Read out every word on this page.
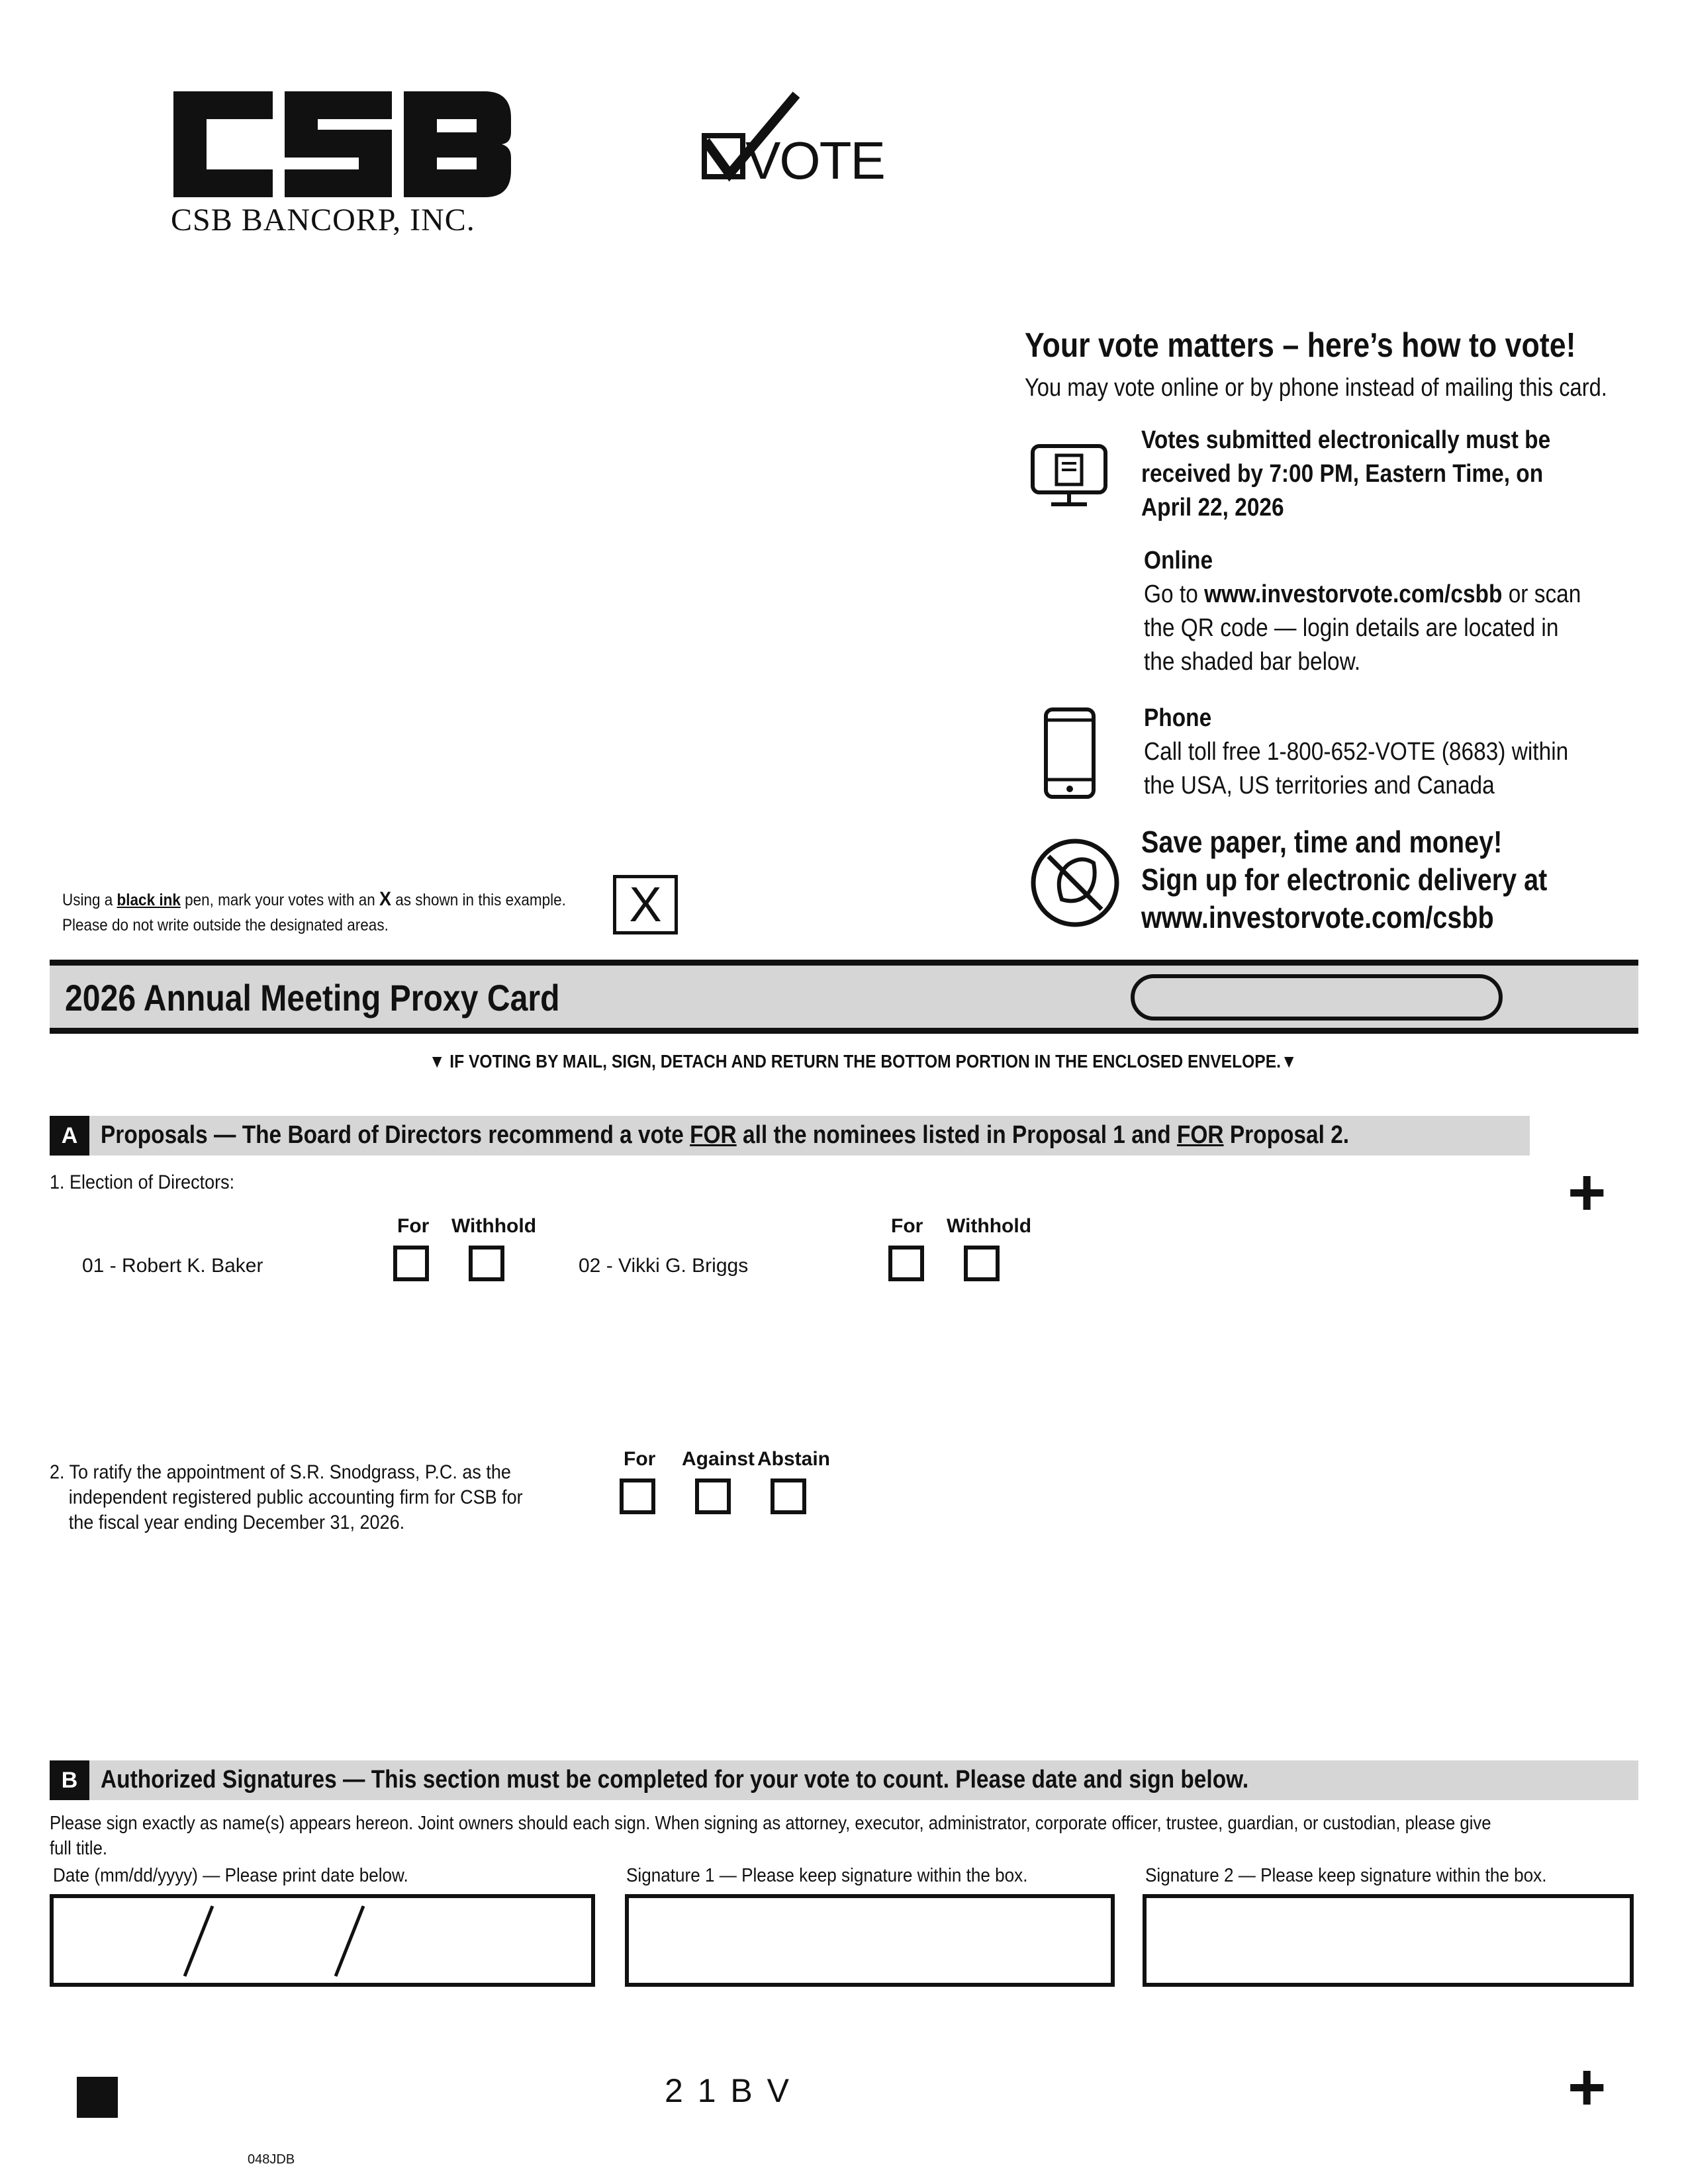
CSB BANCORP, INC.
VOTE
Your vote matters – here’s how to vote!
You may vote online or by phone instead of mailing this card.
Votes submitted electronically must be
received by 7:00 PM, Eastern Time, on
April 22, 2026
Online
Go to www.investorvote.com/csbb or scan
the QR code — login details are located in
the shaded bar below.
Phone
Call toll free 1-800-652-VOTE (8683) within
the USA, US territories and Canada
Save paper, time and money!
Sign up for electronic delivery at
www.investorvote.com/csbb
Using a black ink pen, mark your votes with an X as shown in this example.
Please do not write outside the designated areas.	X
2026 Annual Meeting Proxy Card
▼ IF VOTING BY MAIL, SIGN, DETACH AND RETURN THE BOTTOM PORTION IN THE ENCLOSED ENVELOPE.▼
A Proposals — The Board of Directors recommend a vote FOR all the nominees listed in Proposal 1 and FOR Proposal 2.
+
1. Election of Directors:
For Withhold
01 - Robert K. Baker
For Withhold
02 - Vikki G. Briggs
2. To ratify the appointment of S.R. Snodgrass, P.C. as the
independent registered public accounting firm for CSB for
the fiscal year ending December 31, 2026.
For Against Abstain
B Authorized Signatures — This section must be completed for your vote to count. Please date and sign below.
Please sign exactly as name(s) appears hereon. Joint owners should each sign. When signing as attorney, executor, administrator, corporate officer, trustee, guardian, or custodian, please give
full title.
Date (mm/dd/yyyy) — Please print date below.	Signature 1 — Please keep signature within the box.	Signature 2 — Please keep signature within the box.
2 1 B V	+
048JDB
